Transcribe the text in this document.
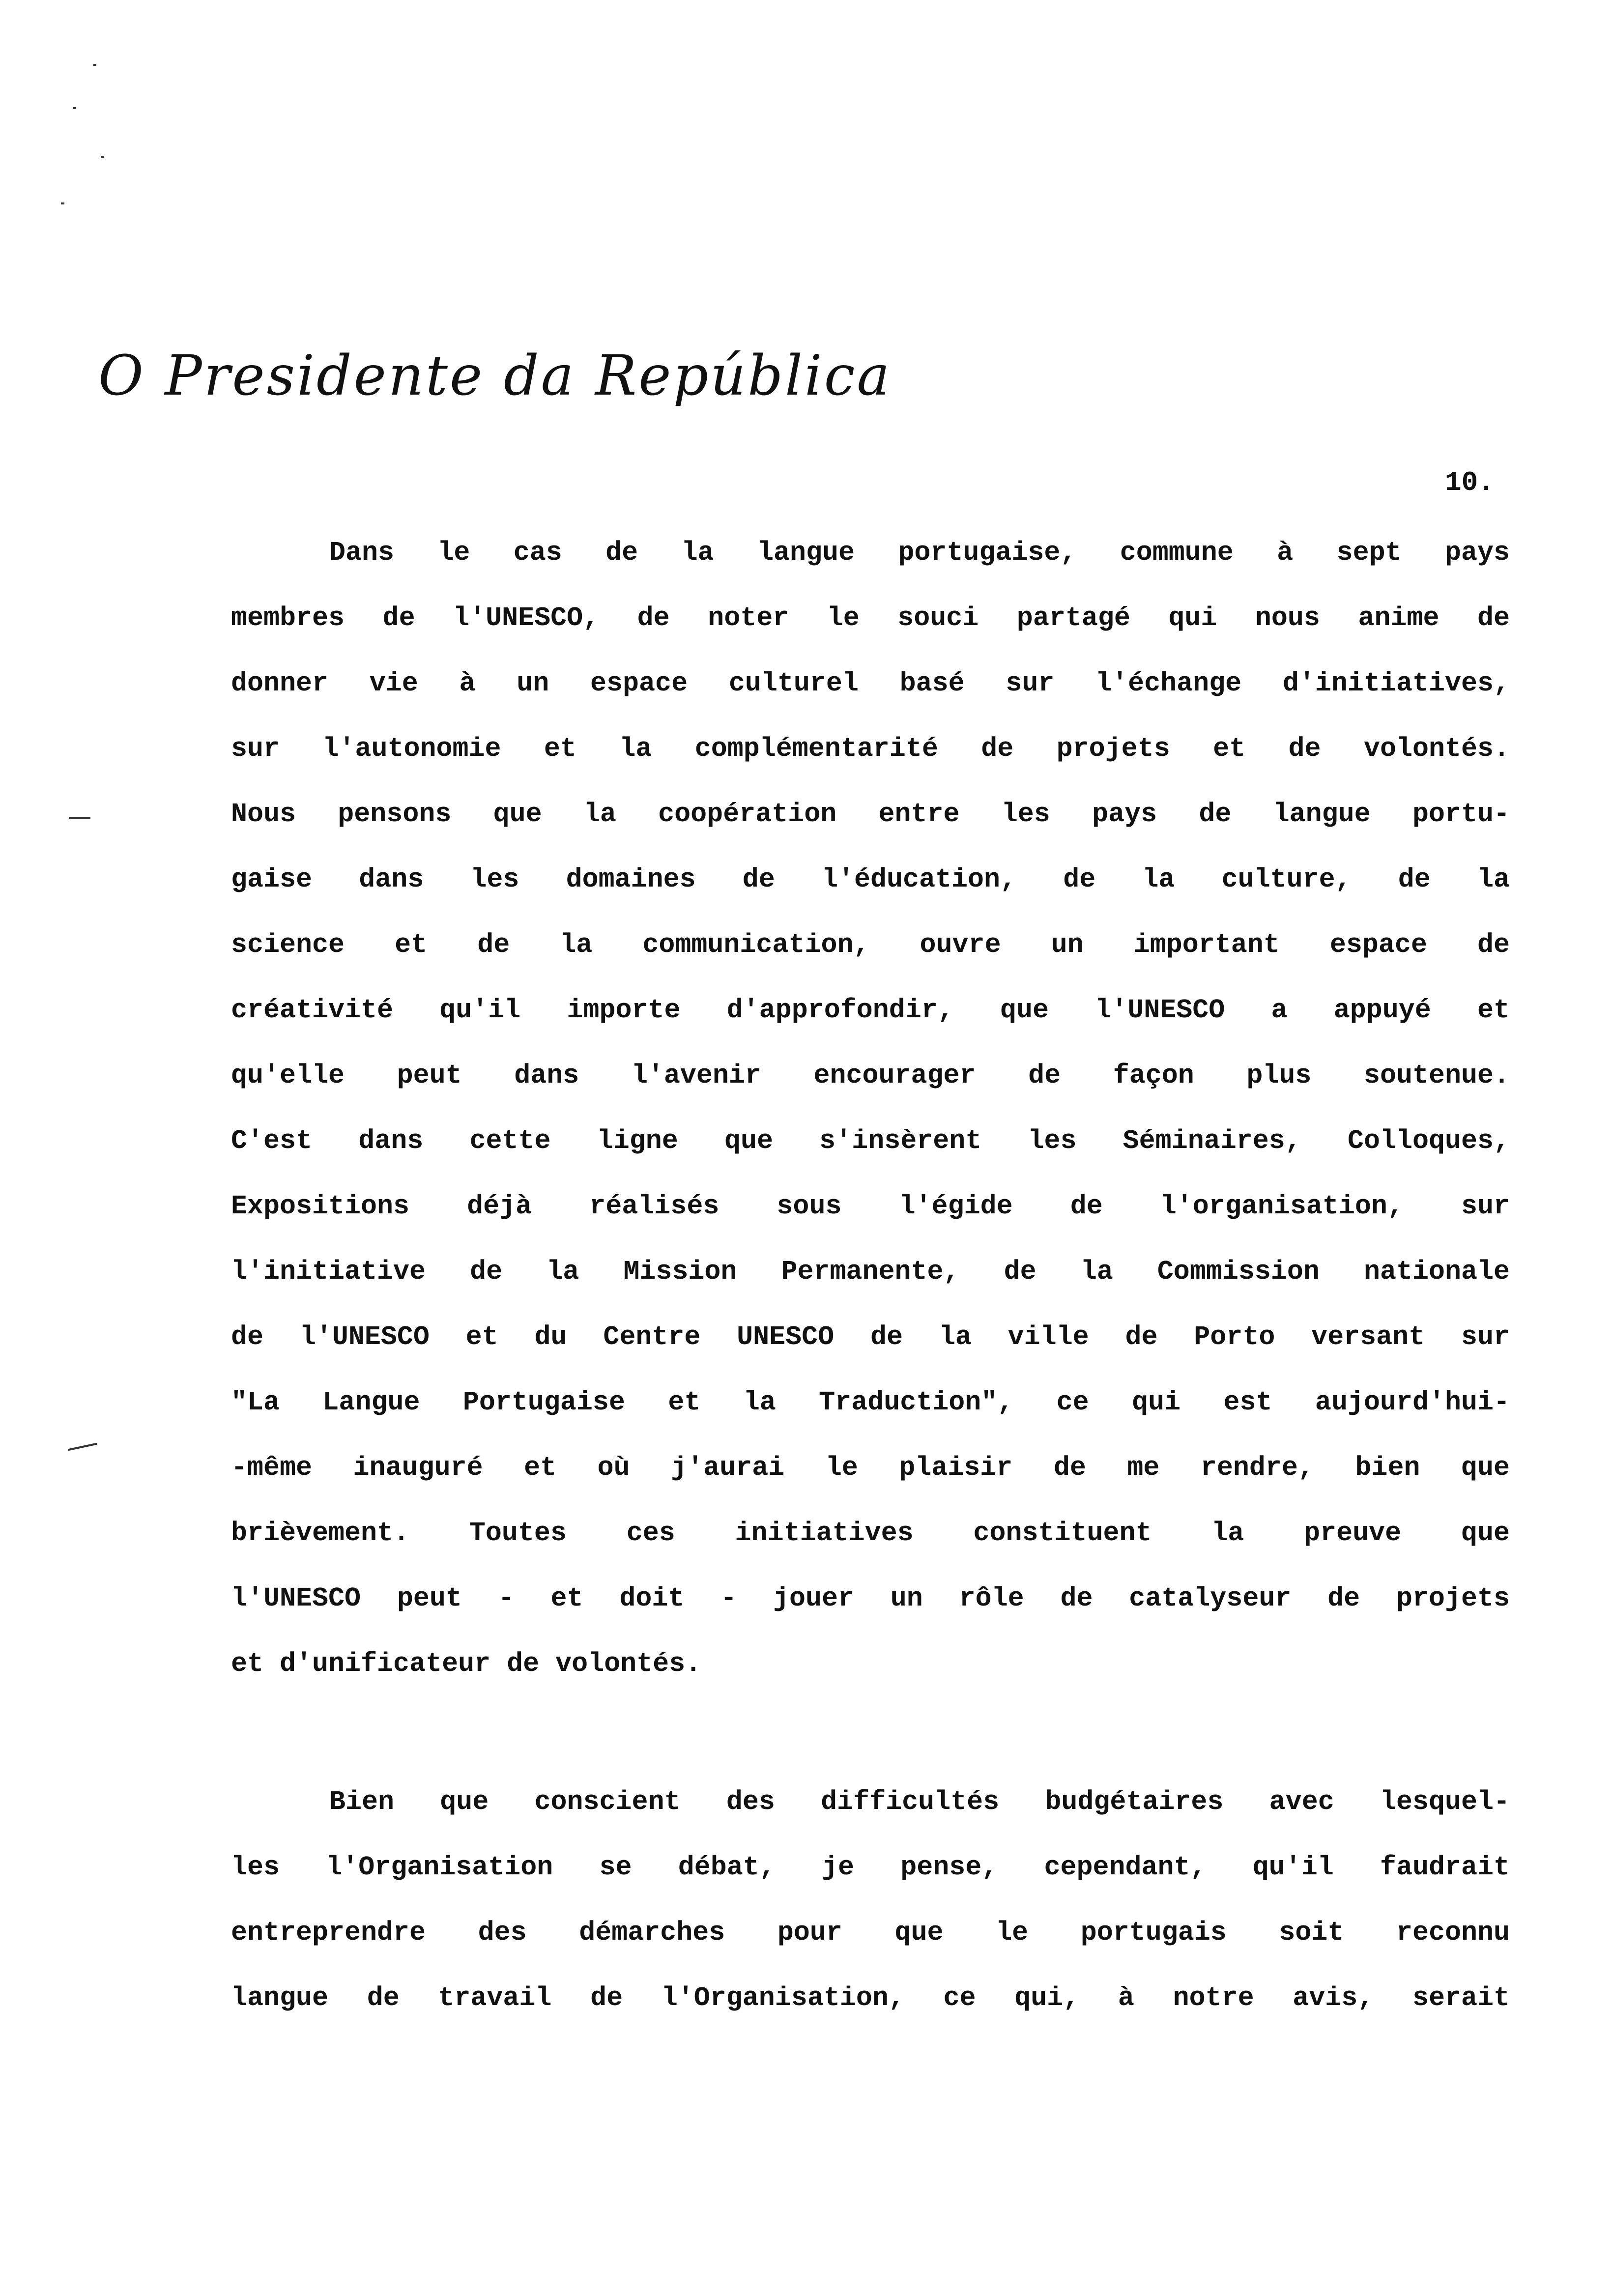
O Presidente da República
10.
Dans le cas de la langue portugaise, commune à sept pays
membres de l'UNESCO, de noter le souci partagé qui nous anime de
donner vie à un espace culturel basé sur l'échange d'initiatives,
sur l'autonomie et la complémentarité de projets et de volontés.
Nous pensons que la coopération entre les pays de langue portu-
gaise dans les domaines de l'éducation, de la culture, de la
science et de la communication, ouvre un important espace de
créativité qu'il importe d'approfondir, que l'UNESCO a appuyé et
qu'elle peut dans l'avenir encourager de façon plus soutenue.
C'est dans cette ligne que s'insèrent les Séminaires, Colloques,
Expositions déjà réalisés sous l'égide de l'organisation, sur
l'initiative de la Mission Permanente, de la Commission nationale
de l'UNESCO et du Centre UNESCO de la ville de Porto versant sur
"La Langue Portugaise et la Traduction", ce qui est aujourd'hui-
-même inauguré et où j'aurai le plaisir de me rendre, bien que
brièvement. Toutes ces initiatives constituent la preuve que
l'UNESCO peut - et doit - jouer un rôle de catalyseur de projets
et d'unificateur de volontés.
Bien que conscient des difficultés budgétaires avec lesquel-
les l'Organisation se débat, je pense, cependant, qu'il faudrait
entreprendre des démarches pour que le portugais soit reconnu
langue de travail de l'Organisation, ce qui, à notre avis, serait
